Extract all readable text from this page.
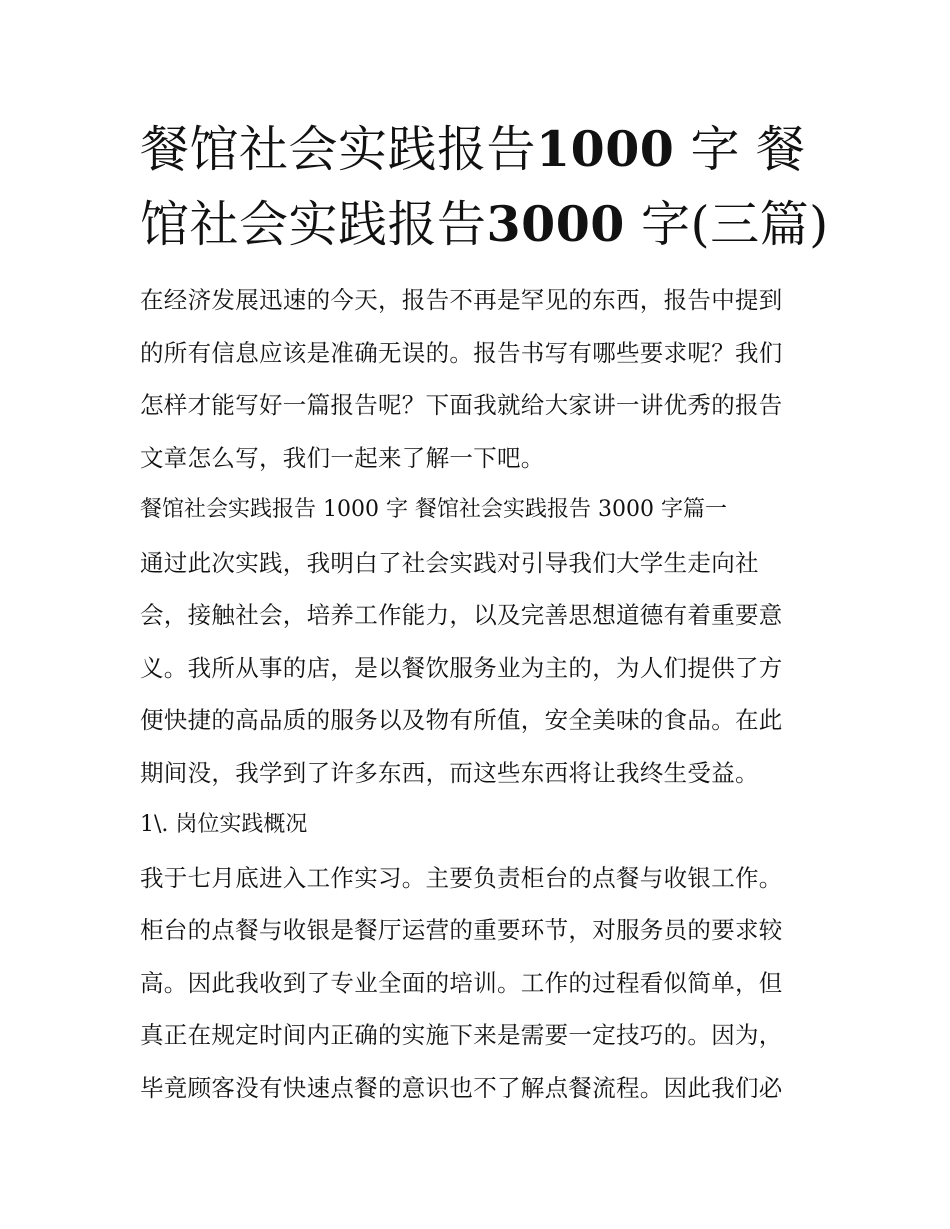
餐馆社会实践报告1000 字 餐
馆社会实践报告3000 字(三篇)

在经济发展迅速的今天，报告不再是罕见的东西，报告中提到
的所有信息应该是准确无误的。报告书写有哪些要求呢？我们
怎样才能写好一篇报告呢？下面我就给大家讲一讲优秀的报告
文章怎么写，我们一起来了解一下吧。

餐馆社会实践报告 1000 字 餐馆社会实践报告 3000 字篇一

通过此次实践，我明白了社会实践对引导我们大学生走向社
会，接触社会，培养工作能力，以及完善思想道德有着重要意
义。我所从事的店，是以餐饮服务业为主的，为人们提供了方
便快捷的高品质的服务以及物有所值，安全美味的食品。在此
期间没，我学到了许多东西，而这些东西将让我终生受益。

1\. 岗位实践概况

我于七月底进入工作实习。主要负责柜台的点餐与收银工作。
柜台的点餐与收银是餐厅运营的重要环节，对服务员的要求较
高。因此我收到了专业全面的培训。工作的过程看似简单，但
真正在规定时间内正确的实施下来是需要一定技巧的。因为，
毕竟顾客没有快速点餐的意识也不了解点餐流程。因此我们必
